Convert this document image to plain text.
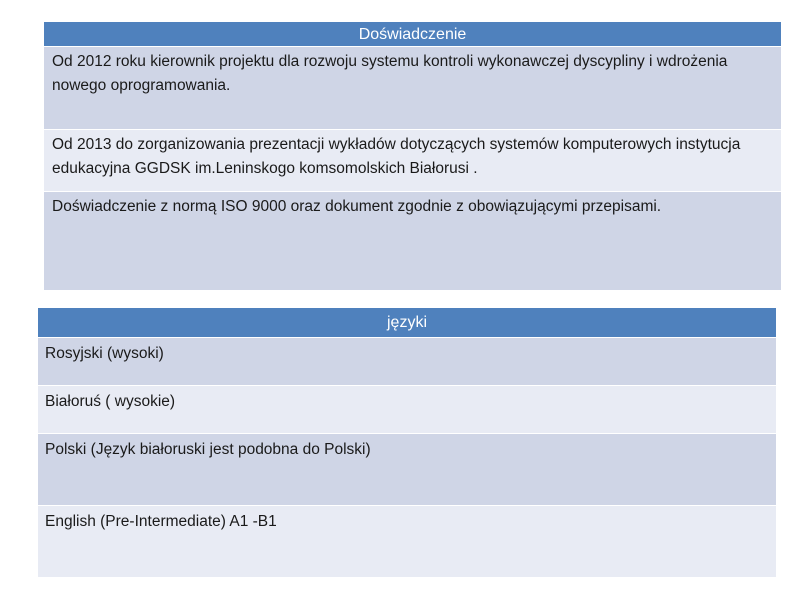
Doświadczenie
Od 2012 roku kierownik projektu dla rozwoju systemu kontroli wykonawczej dyscypliny i wdrożenia nowego oprogramowania.
Od 2013 do zorganizowania prezentacji wykładów dotyczących systemów komputerowych instytucja edukacyjna GGDSK im.Leninskogo komsomolskich Białorusi .
Doświadczenie z normą ISO 9000 oraz dokument zgodnie z obowiązującymi przepisami.
języki
Rosyjski (wysoki)
Białoruś ( wysokie)
Polski (Język białoruski jest podobna do Polski)
English (Pre-Intermediate) A1 -B1
